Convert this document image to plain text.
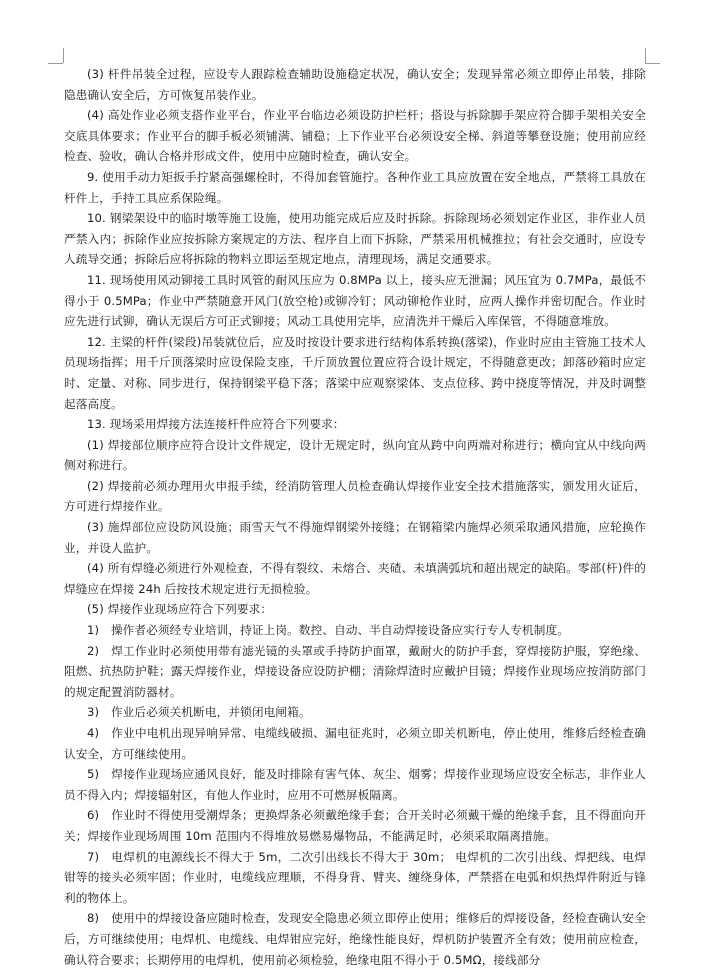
(3) 杆件吊装全过程，应设专人跟踪检查辅助设施稳定状况，确认安全；发现异常必须立即停止吊装，排除隐患确认安全后，方可恢复吊装作业。

(4) 高处作业必须支搭作业平台，作业平台临边必须设防护栏杆；搭设与拆除脚手架应符合脚手架相关安全交底具体要求；作业平台的脚手板必须铺满、铺稳；上下作业平台必须设安全梯、斜道等攀登设施；使用前应经检查、验收，确认合格并形成文件，使用中应随时检查，确认安全。

9. 使用手动力矩扳手拧紧高强螺栓时，不得加套管施拧。各种作业工具应放置在安全地点，严禁将工具放在杆件上，手持工具应系保险绳。

10. 钢梁架设中的临时墩等施工设施，使用功能完成后应及时拆除。拆除现场必须划定作业区，非作业人员严禁入内；拆除作业应按拆除方案规定的方法、程序自上而下拆除，严禁采用机械推拉；有社会交通时，应设专人疏导交通；拆除后应将拆除的物料立即运至规定地点，清理现场，满足交通要求。

11. 现场使用风动铆接工具时风管的耐风压应为 0.8MPa 以上，接头应无泄漏；风压宜为 0.7MPa，最低不得小于 0.5MPa；作业中严禁随意开风门(放空枪)或铆冷钉；风动铆枪作业时，应两人操作并密切配合。作业时应先进行试铆，确认无误后方可正式铆接；风动工具使用完毕，应清洗并干燥后入库保管，不得随意堆放。

12. 主梁的杆件(梁段)吊装就位后，应及时按设计要求进行结构体系转换(落梁)，作业时应由主管施工技术人员现场指挥；用千斤顶落梁时应设保险支座，千斤顶放置位置应符合设计规定，不得随意更改；卸落砂箱时应定时、定量、对称、同步进行，保持钢梁平稳下落；落梁中应观察梁体、支点位移、跨中挠度等情况，并及时调整起落高度。

13. 现场采用焊接方法连接杆件应符合下列要求：

(1) 焊接部位顺序应符合设计文件规定，设计无规定时，纵向宜从跨中向两端对称进行；横向宜从中线向两侧对称进行。

(2) 焊接前必须办理用火申报手续，经消防管理人员检查确认焊接作业安全技术措施落实，颁发用火证后，方可进行焊接作业。

(3) 施焊部位应设防风设施；雨雪天气不得施焊钢梁外接缝；在钢箱梁内施焊必须采取通风措施，应轮换作业，并设人监护。

(4) 所有焊缝必须进行外观检查，不得有裂纹、未熔合、夹碴、未填满弧坑和超出规定的缺陷。零部(杆)件的焊缝应在焊接 24h 后按技术规定进行无损检验。

(5) 焊接作业现场应符合下列要求：

1)　操作者必须经专业培训，持证上岗。数控、自动、半自动焊接设备应实行专人专机制度。

2)　焊工作业时必须使用带有滤光镜的头罩或手持防护面罩，戴耐火的防护手套，穿焊接防护服，穿绝缘、阻燃、抗热防护鞋；露天焊接作业，焊接设备应设防护棚；清除焊渣时应戴护目镜；焊接作业现场应按消防部门的规定配置消防器材。

3)　作业后必须关机断电，并锁闭电闸箱。

4)　作业中电机出现异响异常、电缆线破损、漏电征兆时，必须立即关机断电，停止使用，维修后经检查确认安全，方可继续使用。

5)　焊接作业现场应通风良好，能及时排除有害气体、灰尘、烟雾；焊接作业现场应设安全标志，非作业人员不得入内；焊接辐射区，有他人作业时，应用不可燃屏板隔离。

6)　作业时不得使用受潮焊条；更换焊条必须戴绝缘手套；合开关时必须戴干燥的绝缘手套，且不得面向开关；焊接作业现场周围 10m 范围内不得堆放易燃易爆物品，不能满足时，必须采取隔离措施。

7)　电焊机的电源线长不得大于 5m，二次引出线长不得大于 30m； 电焊机的二次引出线、焊把线、电焊钳等的接头必须牢固；作业时，电缆线应理顺，不得身背、臂夹、缠绕身体，严禁搭在电弧和炽热焊件附近与锋利的物体上。

8)　使用中的焊接设备应随时检查，发现安全隐患必须立即停止使用；维修后的焊接设备，经检查确认安全后，方可继续使用；电焊机、电缆线、电焊钳应完好，绝缘性能良好，焊机防护装置齐全有效；使用前应检查，确认符合要求；长期停用的电焊机，使用前必须检验，绝缘电阻不得小于 0.5MΩ，接线部分
